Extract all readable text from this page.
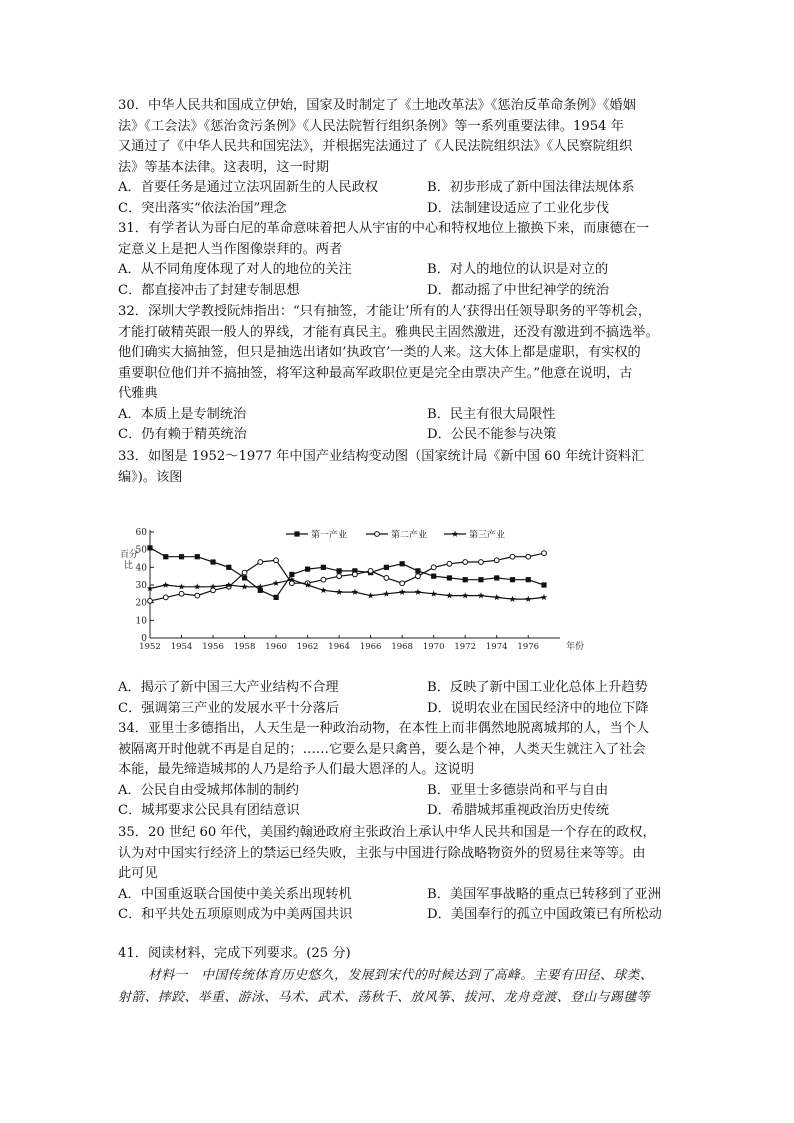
30．中华人民共和国成立伊始，国家及时制定了《土地改革法》《惩治反革命条例》《婚姻
法》《工会法》《惩治贪污条例》《人民法院暂行组织条例》等一系列重要法律。1954 年
又通过了《中华人民共和国宪法》，并根据宪法通过了《人民法院组织法》《人民察院组织
法》等基本法律。这表明，这一时期
A．首要任务是通过立法巩固新生的人民政权	B．初步形成了新中国法律法规体系
C．突出落实“依法治国”理念	D．法制建设适应了工业化步伐
31．有学者认为哥白尼的革命意味着把人从宇宙的中心和特权地位上撤换下来，而康德在一
定意义上是把人当作图像崇拜的。两者
A．从不同角度体现了对人的地位的关注	B．对人的地位的认识是对立的
C．都直接冲击了封建专制思想	D．都动摇了中世纪神学的统治
32．深圳大学教授阮炜指出：“只有抽签，才能让’所有的人’获得出任领导职务的平等机会，
才能打破精英跟一般人的界线，才能有真民主。雅典民主固然激进，还没有激进到不搞选举。
他们确实大搞抽签，但只是抽选出诸如’执政官’一类的人来。这大体上都是虚职，有实权的
重要职位他们并不搞抽签，将军这种最高军政职位更是完全由票决产生。”他意在说明，古
代雅典
A．本质上是专制统治	B．民主有很大局限性
C．仍有赖于精英统治	D．公民不能参与决策
33．如图是 1952～1977 年中国产业结构变动图（国家统计局《新中国 60 年统计资料汇
编》)。该图
0
10
20
30
40
50
60
1952 1954 1956 1958 1960 1962 1964 1966 1968 1970 1972 1974 1976	年份
百分
比
第一产业	第二产业	第三产业
A．揭示了新中国三大产业结构不合理	B．反映了新中国工业化总体上升趋势
C．强调第三产业的发展水平十分落后	D．说明农业在国民经济中的地位下降
34．亚里士多德指出，人天生是一种政治动物，在本性上而非偶然地脱离城邦的人，当个人
被隔离开时他就不再是自足的；……它要么是只禽兽，要么是个神，人类天生就注入了社会
本能，最先缔造城邦的人乃是给予人们最大恩泽的人。这说明
A．公民自由受城邦体制的制约	B．亚里士多德崇尚和平与自由
C．城邦要求公民具有团结意识	D．希腊城邦重视政治历史传统
35．20 世纪 60 年代，美国约翰逊政府主张政治上承认中华人民共和国是一个存在的政权，
认为对中国实行经济上的禁运已经失败，主张与中国进行除战略物资外的贸易往来等等。由
此可见
A．中国重返联合国使中美关系出现转机	B．美国军事战略的重点已转移到了亚洲
C．和平共处五项原则成为中美两国共识	D．美国奉行的孤立中国政策已有所松动
41．阅读材料，完成下列要求。(25 分)
材料一　中国传统体育历史悠久，发展到宋代的时候达到了高峰。主要有田径、球类、
射箭、摔跤、举重、游泳、马术、武术、荡秋千、放风筝、拔河、龙舟竞渡、登山与踢毽等
